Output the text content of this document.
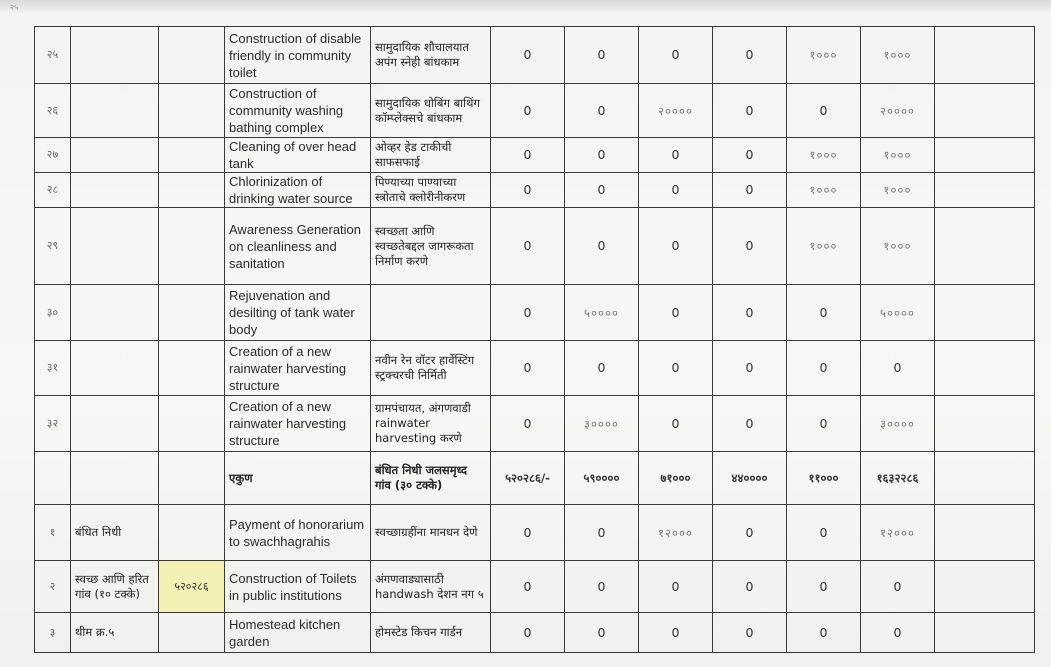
२५
२५			Construction of disable friendly in community toilet	सामुदायिक शौचालयात अपंग स्नेही बांधकाम	0	0	0	0	१०००	१०००	
२६			Construction of community washing bathing complex	सामुदायिक धोबिंग बाथिंग कॉम्प्लेक्सचे बांधकाम	0	0	२००००	0	0	२००००	
२७			Cleaning of over head tank	ओव्हर हेड टाकीची साफसफाई	0	0	0	0	१०००	१०००	
२८			Chlorinization of drinking water source	पिण्याच्या पाण्याच्या स्त्रोताचे क्लोरीनीकरण	0	0	0	0	१०००	१०००	
२९			Awareness Generation on cleanliness and sanitation	स्वच्छता आणि स्वच्छतेबद्दल जागरूकता निर्माण करणे	0	0	0	0	१०००	१०००	
३०			Rejuvenation and desilting of tank water body		0	५००००	0	0	0	५००००	
३१			Creation of a new rainwater harvesting structure	नवीन रेन वॉटर हार्वेस्टिंग स्ट्रक्चरची निर्मिती	0	0	0	0	0	0	
३२			Creation of a new rainwater harvesting structure	ग्रामपंचायत, अंगणवाडी rainwater harvesting करणे	0	३००००	0	0	0	३००००	
			एकुण	बंधित निधी जलसमृध्द गांव (३० टक्के)	५२०२८६/-	५९००००	७१०००	४४००००	११०००	१६३२२८६	
१	बंधित निधी		Payment of honorarium to swachhagrahis	स्वच्छाग्रहींना मानधन देणे	0	0	१२०००	0	0	१२०००	
२	स्वच्छ आणि हरित गांव (१० टक्के)	५२०२८६	Construction of Toilets in public institutions	अंगणवाड्यासाठी handwash देशन नग ५	0	0	0	0	0	0	
३	थीम क्र.५		Homestead kitchen garden	होमस्टेड किचन गार्डन	0	0	0	0	0	0	
